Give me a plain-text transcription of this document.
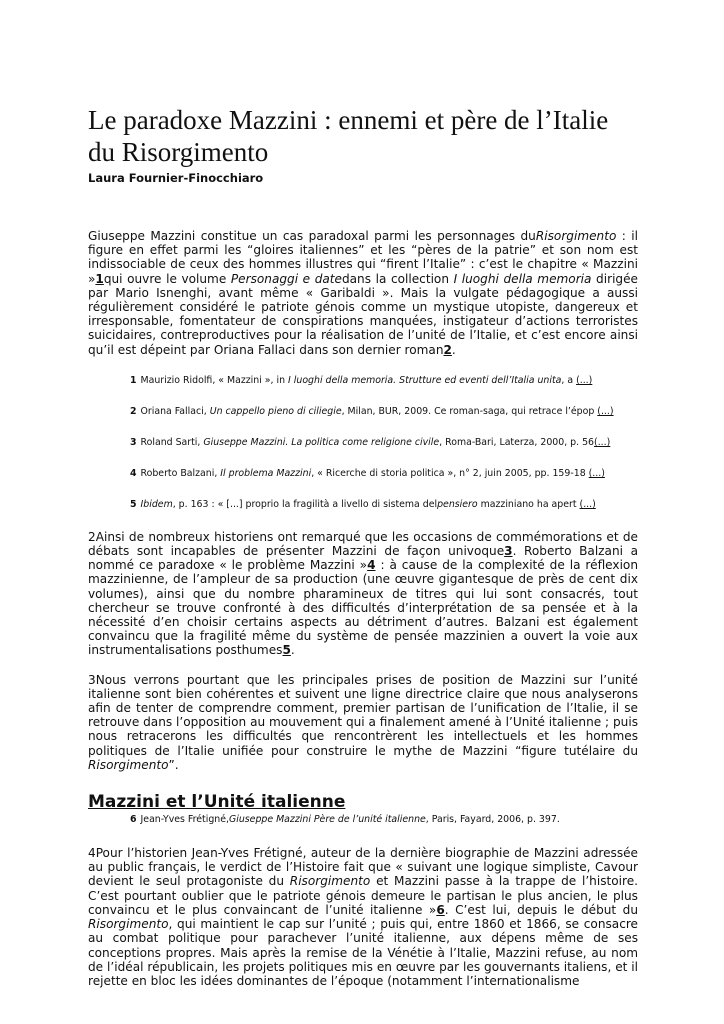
Le paradoxe Mazzini : ennemi et père de l’Italie du Risorgimento

Laura Fournier-Finocchiaro

Giuseppe Mazzini constitue un cas paradoxal parmi les personnages duRisorgimento : il figure en effet parmi les “gloires italiennes” et les “pères de la patrie” et son nom est indissociable de ceux des hommes illustres qui “firent l’Italie” : c’est le chapitre « Mazzini »1qui ouvre le volume Personaggi e datedans la collection I luoghi della memoria dirigée par Mario Isnenghi, avant même « Garibaldi ». Mais la vulgate pédagogique a aussi régulièrement considéré le patriote génois comme un mystique utopiste, dangereux et irresponsable, fomentateur de conspirations manquées, instigateur d’actions terroristes suicidaires, contreproductives pour la réalisation de l’unité de l’Italie, et c’est encore ainsi qu’il est dépeint par Oriana Fallaci dans son dernier roman2.

1 Maurizio Ridolfi, « Mazzini », in I luoghi della memoria. Strutture ed eventi dell’Italia unita, a (...)

2 Oriana Fallaci, Un cappello pieno di ciliegie, Milan, BUR, 2009. Ce roman-saga, qui retrace l’épop (...)

3 Roland Sarti, Giuseppe Mazzini. La politica come religione civile, Roma-Bari, Laterza, 2000, p. 56(...)

4 Roberto Balzani, Il problema Mazzini, « Ricerche di storia politica », n° 2, juin 2005, pp. 159-18 (...)

5 Ibidem, p. 163 : « [...] proprio la fragilità a livello di sistema delpensiero mazziniano ha apert (...)

2Ainsi de nombreux historiens ont remarqué que les occasions de commémorations et de débats sont incapables de présenter Mazzini de façon univoque3. Roberto Balzani a nommé ce paradoxe « le problème Mazzini »4 : à cause de la complexité de la réflexion mazzinienne, de l’ampleur de sa production (une œuvre gigantesque de près de cent dix volumes), ainsi que du nombre pharamineux de titres qui lui sont consacrés, tout chercheur se trouve confronté à des difficultés d’interprétation de sa pensée et à la nécessité d’en choisir certains aspects au détriment d’autres. Balzani est également convaincu que la fragilité même du système de pensée mazzinien a ouvert la voie aux instrumentalisations posthumes5.

3Nous verrons pourtant que les principales prises de position de Mazzini sur l’unité italienne sont bien cohérentes et suivent une ligne directrice claire que nous analyserons afin de tenter de comprendre comment, premier partisan de l’unification de l’Italie, il se retrouve dans l’opposition au mouvement qui a finalement amené à l’Unité italienne ; puis nous retracerons les difficultés que rencontrèrent les intellectuels et les hommes politiques de l’Italie unifiée pour construire le mythe de Mazzini “figure tutélaire du Risorgimento”.

Mazzini et l’Unité italienne

6 Jean-Yves Frétigné,Giuseppe Mazzini Père de l’unité italienne, Paris, Fayard, 2006, p. 397.

4Pour l’historien Jean-Yves Frétigné, auteur de la dernière biographie de Mazzini adressée au public français, le verdict de l’Histoire fait que « suivant une logique simpliste, Cavour devient le seul protagoniste du Risorgimento et Mazzini passe à la trappe de l’histoire. C’est pourtant oublier que le patriote génois demeure le partisan le plus ancien, le plus convaincu et le plus convaincant de l’unité italienne »6. C’est lui, depuis le début du Risorgimento, qui maintient le cap sur l’unité ; puis qui, entre 1860 et 1866, se consacre au combat politique pour parachever l’unité italienne, aux dépens même de ses conceptions propres. Mais après la remise de la Vénétie à l’Italie, Mazzini refuse, au nom de l’idéal républicain, les projets politiques mis en œuvre par les gouvernants italiens, et il rejette en bloc les idées dominantes de l’époque (notamment l’internationalisme
